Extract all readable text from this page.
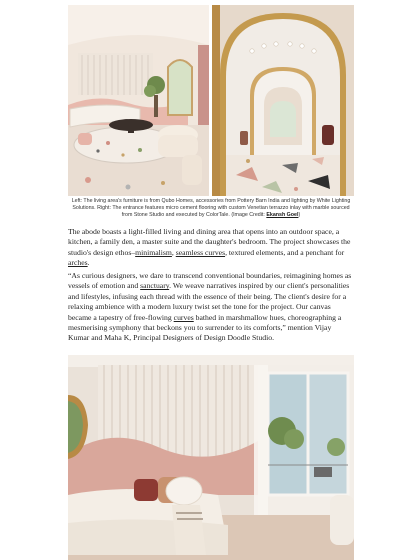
Left: The living area's furniture is from Qubo Homes, accessories from Pottery Barn India and lighting by White Lighting Solutions. Right: The entrance features micro cement flooring with custom Venetian terrazzo inlay with marble sourced from Stone Studio and executed by ColorTale. (Image Credit: Ekansh Goel)

The abode boasts a light-filled living and dining area that opens into an outdoor space, a kitchen, a family den, a master suite and the daughter's bedroom. The project showcases the studio's design ethos–minimalism, seamless curves, textured elements, and a penchant for arches.

“As curious designers, we dare to transcend conventional boundaries, reimagining homes as vessels of emotion and sanctuary. We weave narratives inspired by our client's personalities and lifestyles, infusing each thread with the essence of their being. The client's desire for a relaxing ambience with a modern luxury twist set the tone for the project. Our canvas became a tapestry of free-flowing curves bathed in marshmallow hues, choreographing a mesmerising symphony that beckons you to surrender to its comforts,” mention Vijay Kumar and Maha K, Principal Designers of Design Doodle Studio.
